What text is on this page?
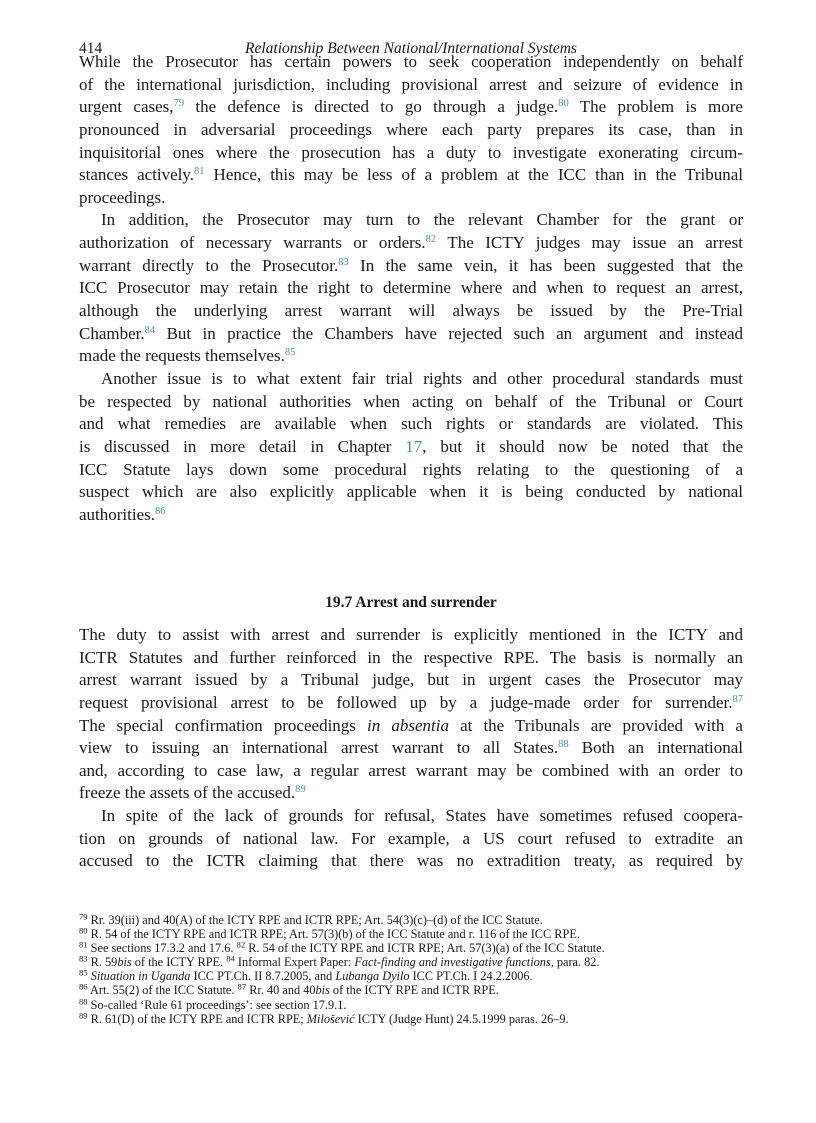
414	Relationship Between National/International Systems
While the Prosecutor has certain powers to seek cooperation independently on behalf
of the international jurisdiction, including provisional arrest and seizure of evidence in
urgent cases,$^{79}$ the defence is directed to go through a judge.$^{80}$ The problem is more
pronounced in adversarial proceedings where each party prepares its case, than in
inquisitorial ones where the prosecution has a duty to investigate exonerating circum-
stances actively.$^{81}$ Hence, this may be less of a problem at the ICC than in the Tribunal
proceedings.
In addition, the Prosecutor may turn to the relevant Chamber for the grant or
authorization of necessary warrants or orders.$^{82}$ The ICTY judges may issue an arrest
warrant directly to the Prosecutor.$^{83}$ In the same vein, it has been suggested that the
ICC Prosecutor may retain the right to determine where and when to request an arrest,
although the underlying arrest warrant will always be issued by the Pre-Trial
Chamber.$^{84}$ But in practice the Chambers have rejected such an argument and instead
made the requests themselves.$^{85}$
Another issue is to what extent fair trial rights and other procedural standards must
be respected by national authorities when acting on behalf of the Tribunal or Court
and what remedies are available when such rights or standards are violated. This
is discussed in more detail in Chapter 17, but it should now be noted that the
ICC Statute lays down some procedural rights relating to the questioning of a
suspect which are also explicitly applicable when it is being conducted by national
authorities.$^{86}$
19.7 Arrest and surrender
The duty to assist with arrest and surrender is explicitly mentioned in the ICTY and
ICTR Statutes and further reinforced in the respective RPE. The basis is normally an
arrest warrant issued by a Tribunal judge, but in urgent cases the Prosecutor may
request provisional arrest to be followed up by a judge-made order for surrender.$^{87}$
The special confirmation proceedings in absentia at the Tribunals are provided with a
view to issuing an international arrest warrant to all States.$^{88}$ Both an international
and, according to case law, a regular arrest warrant may be combined with an order to
freeze the assets of the accused.$^{89}$
In spite of the lack of grounds for refusal, States have sometimes refused coopera-
tion on grounds of national law. For example, a US court refused to extradite an
accused to the ICTR claiming that there was no extradition treaty, as required by
$^{79}$ Rr. 39(iii) and 40(A) of the ICTY RPE and ICTR RPE; Art. 54(3)(c)–(d) of the ICC Statute.
$^{80}$ R. 54 of the ICTY RPE and ICTR RPE; Art. 57(3)(b) of the ICC Statute and r. 116 of the ICC RPE.
$^{81}$ See sections 17.3.2 and 17.6. $^{82}$ R. 54 of the ICTY RPE and ICTR RPE; Art. 57(3)(a) of the ICC Statute.
$^{83}$ R. 59bis of the ICTY RPE. $^{84}$ Informal Expert Paper: Fact-finding and investigative functions, para. 82.
$^{85}$ Situation in Uganda ICC PT.Ch. II 8.7.2005, and Lubanga Dyilo ICC PT.Ch. I 24.2.2006.
$^{86}$ Art. 55(2) of the ICC Statute. $^{87}$ Rr. 40 and 40bis of the ICTY RPE and ICTR RPE.
$^{88}$ So-called ‘Rule 61 proceedings’: see section 17.9.1.
$^{89}$ R. 61(D) of the ICTY RPE and ICTR RPE; Milošević ICTY (Judge Hunt) 24.5.1999 paras. 26–9.
